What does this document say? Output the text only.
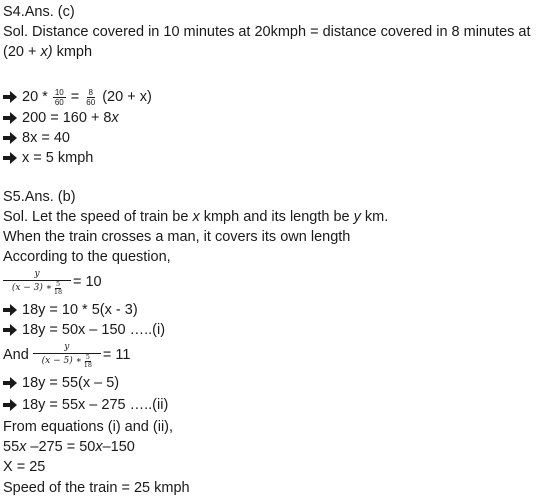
S4.Ans. (c)
Sol. Distance covered in 10 minutes at 20kmph = distance covered in 8 minutes at
(20 + x) kmph
$20 * \frac{10}{60} = \frac{8}{60} (20 + x)$
200 = 160 + 8x
8x = 40
x = 5 kmph
S5.Ans. (b)
Sol. Let the speed of train be x kmph and its length be y km.
When the train crosses a man, it covers its own length
According to the question,
$\frac{y}{(x - 3) ∗ \frac{5}{18}} = 10$
18y = 10 * 5(x - 3)
18y = 50x – 150 …..(i)
And $\frac{y}{(x - 5) ∗ \frac{5}{18}} = 11$
18y = 55(x – 5)
18y = 55x – 275 …..(ii)
From equations (i) and (ii),
55x –275 = 50x–150
X = 25
Speed of the train = 25 kmph
